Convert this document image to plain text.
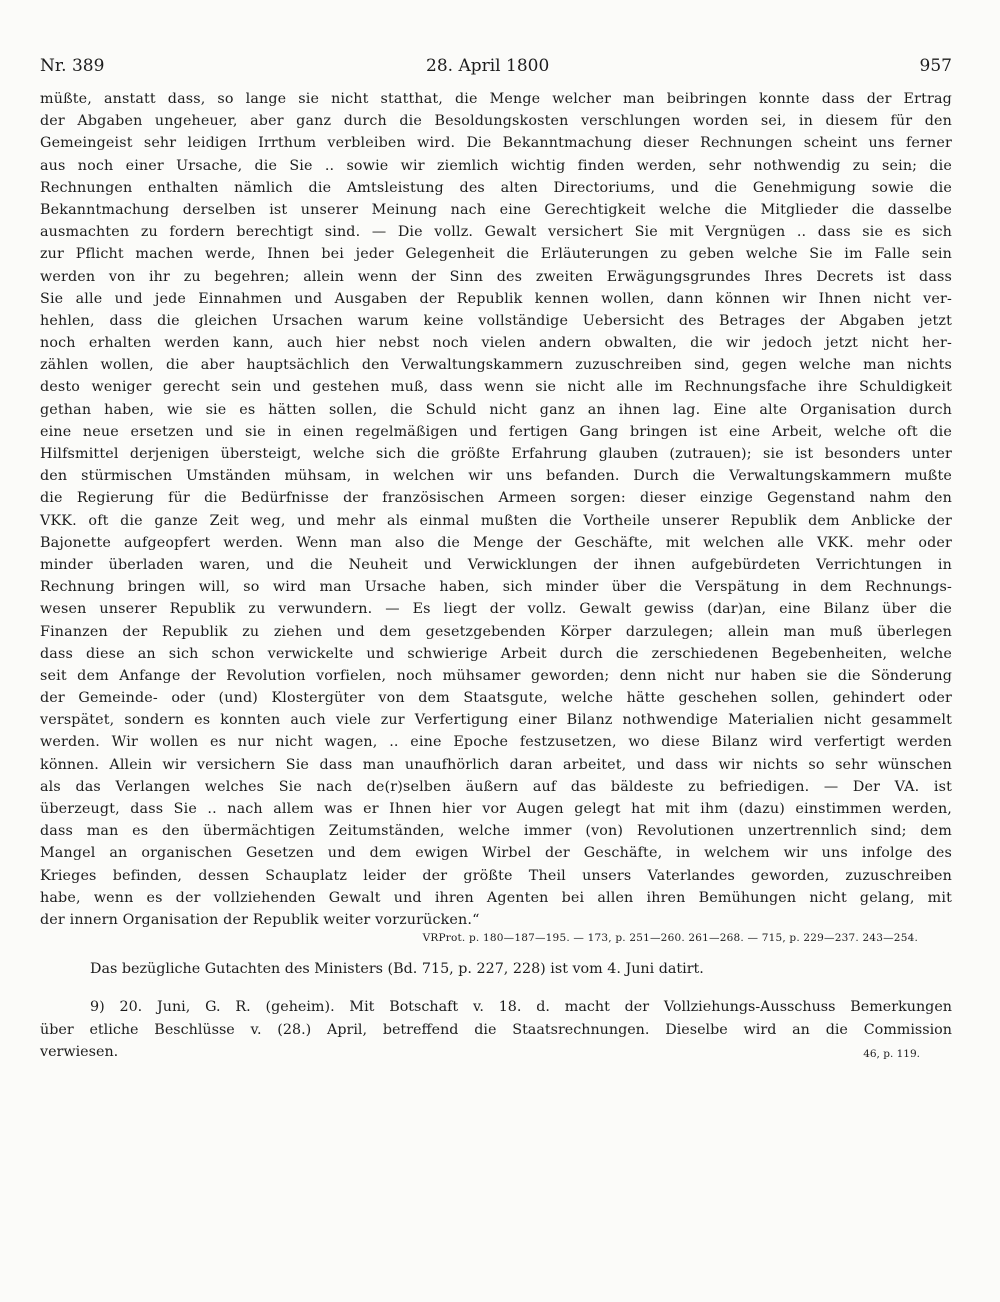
Nr. 389	28. April 1800	957
müßte, anstatt dass, so lange sie nicht statthat, die Menge welcher man beibringen konnte dass der Ertrag
der Abgaben ungeheuer, aber ganz durch die Besoldungskosten verschlungen worden sei, in diesem für den
Gemeingeist sehr leidigen Irrthum verbleiben wird. Die Bekanntmachung dieser Rechnungen scheint uns ferner
aus noch einer Ursache, die Sie .. sowie wir ziemlich wichtig finden werden, sehr nothwendig zu sein; die
Rechnungen enthalten nämlich die Amtsleistung des alten Directoriums, und die Genehmigung sowie die
Bekanntmachung derselben ist unserer Meinung nach eine Gerechtigkeit welche die Mitglieder die dasselbe
ausmachten zu fordern berechtigt sind. — Die vollz. Gewalt versichert Sie mit Vergnügen .. dass sie es sich
zur Pflicht machen werde, Ihnen bei jeder Gelegenheit die Erläuterungen zu geben welche Sie im Falle sein
werden von ihr zu begehren; allein wenn der Sinn des zweiten Erwägungsgrundes Ihres Decrets ist dass
Sie alle und jede Einnahmen und Ausgaben der Republik kennen wollen, dann können wir Ihnen nicht ver-
hehlen, dass die gleichen Ursachen warum keine vollständige Uebersicht des Betrages der Abgaben jetzt
noch erhalten werden kann, auch hier nebst noch vielen andern obwalten, die wir jedoch jetzt nicht her-
zählen wollen, die aber hauptsächlich den Verwaltungskammern zuzuschreiben sind, gegen welche man nichts
desto weniger gerecht sein und gestehen muß, dass wenn sie nicht alle im Rechnungsfache ihre Schuldigkeit
gethan haben, wie sie es hätten sollen, die Schuld nicht ganz an ihnen lag. Eine alte Organisation durch
eine neue ersetzen und sie in einen regelmäßigen und fertigen Gang bringen ist eine Arbeit, welche oft die
Hilfsmittel derjenigen übersteigt, welche sich die größte Erfahrung glauben (zutrauen); sie ist besonders unter
den stürmischen Umständen mühsam, in welchen wir uns befanden. Durch die Verwaltungskammern mußte
die Regierung für die Bedürfnisse der französischen Armeen sorgen: dieser einzige Gegenstand nahm den
VKK. oft die ganze Zeit weg, und mehr als einmal mußten die Vortheile unserer Republik dem Anblicke der
Bajonette aufgeopfert werden. Wenn man also die Menge der Geschäfte, mit welchen alle VKK. mehr oder
minder überladen waren, und die Neuheit und Verwicklungen der ihnen aufgebürdeten Verrichtungen in
Rechnung bringen will, so wird man Ursache haben, sich minder über die Verspätung in dem Rechnungs-
wesen unserer Republik zu verwundern. — Es liegt der vollz. Gewalt gewiss (dar)an, eine Bilanz über die
Finanzen der Republik zu ziehen und dem gesetzgebenden Körper darzulegen; allein man muß überlegen
dass diese an sich schon verwickelte und schwierige Arbeit durch die zerschiedenen Begebenheiten, welche
seit dem Anfange der Revolution vorfielen, noch mühsamer geworden; denn nicht nur haben sie die Sönderung
der Gemeinde- oder (und) Klostergüter von dem Staatsgute, welche hätte geschehen sollen, gehindert oder
verspätet, sondern es konnten auch viele zur Verfertigung einer Bilanz nothwendige Materialien nicht gesammelt
werden. Wir wollen es nur nicht wagen, .. eine Epoche festzusetzen, wo diese Bilanz wird verfertigt werden
können. Allein wir versichern Sie dass man unaufhörlich daran arbeitet, und dass wir nichts so sehr wünschen
als das Verlangen welches Sie nach de(r)selben äußern auf das bäldeste zu befriedigen. — Der VA. ist
überzeugt, dass Sie .. nach allem was er Ihnen hier vor Augen gelegt hat mit ihm (dazu) einstimmen werden,
dass man es den übermächtigen Zeitumständen, welche immer (von) Revolutionen unzertrennlich sind; dem
Mangel an organischen Gesetzen und dem ewigen Wirbel der Geschäfte, in welchem wir uns infolge des
Krieges befinden, dessen Schauplatz leider der größte Theil unsers Vaterlandes geworden, zuzuschreiben
habe, wenn es der vollziehenden Gewalt und ihren Agenten bei allen ihren Bemühungen nicht gelang, mit
der innern Organisation der Republik weiter vorzurücken.“
VRProt. p. 180—187—195. — 173, p. 251—260. 261—268. — 715, p. 229—237. 243—254.
Das bezügliche Gutachten des Ministers (Bd. 715, p. 227, 228) ist vom 4. Juni datirt.
9) 20. Juni, G. R. (geheim). Mit Botschaft v. 18. d. macht der Vollziehungs-Ausschuss Bemerkungen
über etliche Beschlüsse v. (28.) April, betreffend die Staatsrechnungen. Dieselbe wird an die Commission
verwiesen.	46, p. 119.
